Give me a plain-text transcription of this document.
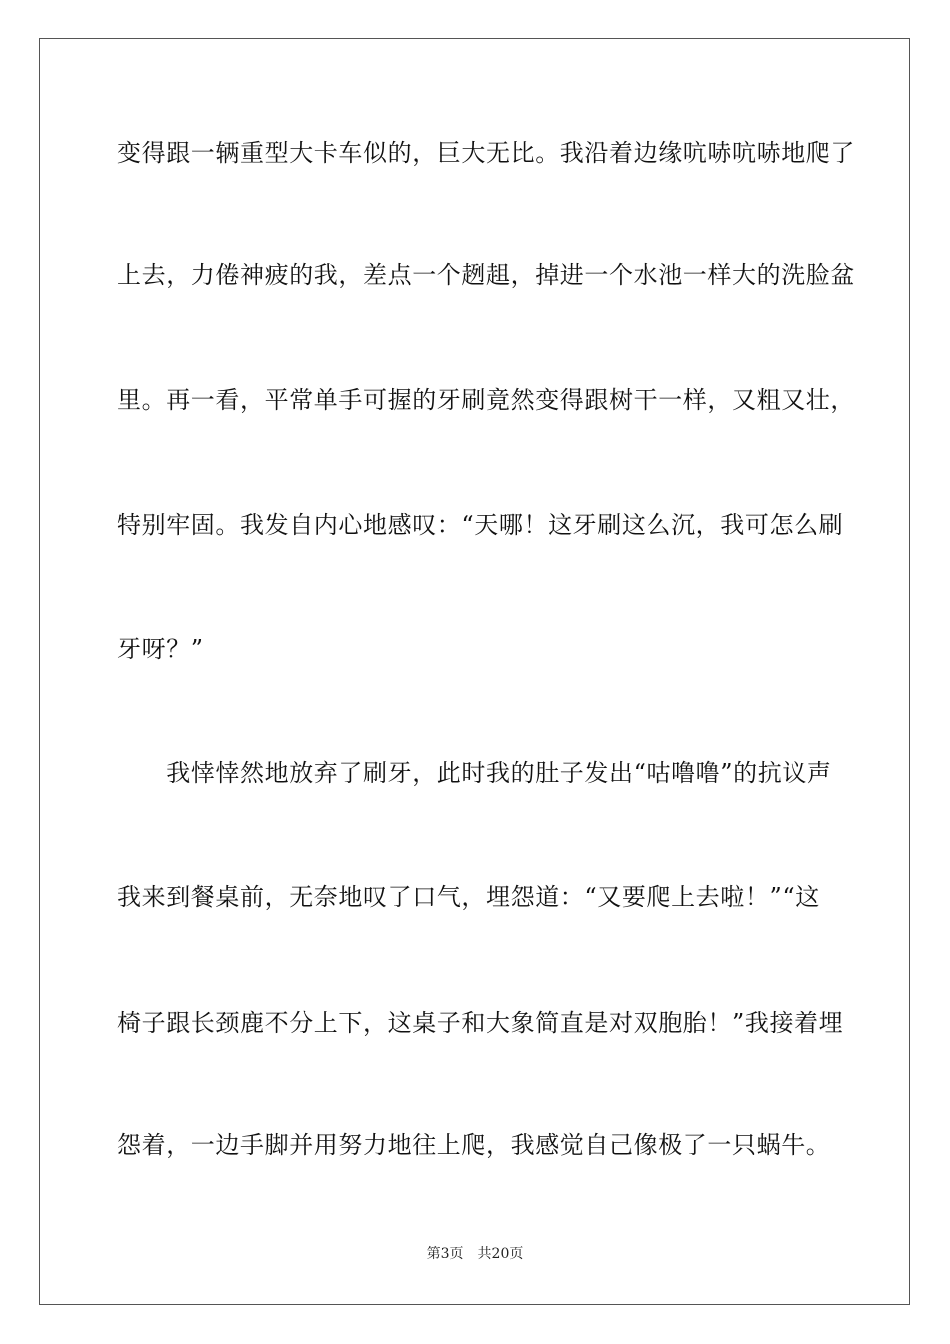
变得跟一辆重型大卡车似的，巨大无比。我沿着边缘吭哧吭哧地爬了
上去，力倦神疲的我，差点一个趔趄，掉进一个水池一样大的洗脸盆
里。再一看，平常单手可握的牙刷竟然变得跟树干一样，又粗又壮，
特别牢固。我发自内心地感叹：“天哪！这牙刷这么沉，我可怎么刷
牙呀？”
　　我悻悻然地放弃了刷牙，此时我的肚子发出“咕噜噜”的抗议声
我来到餐桌前，无奈地叹了口气，埋怨道：“又要爬上去啦！”“这
椅子跟长颈鹿不分上下，这桌子和大象简直是对双胞胎！”我接着埋
怨着，一边手脚并用努力地往上爬，我感觉自己像极了一只蜗牛。
第3页　共20页
